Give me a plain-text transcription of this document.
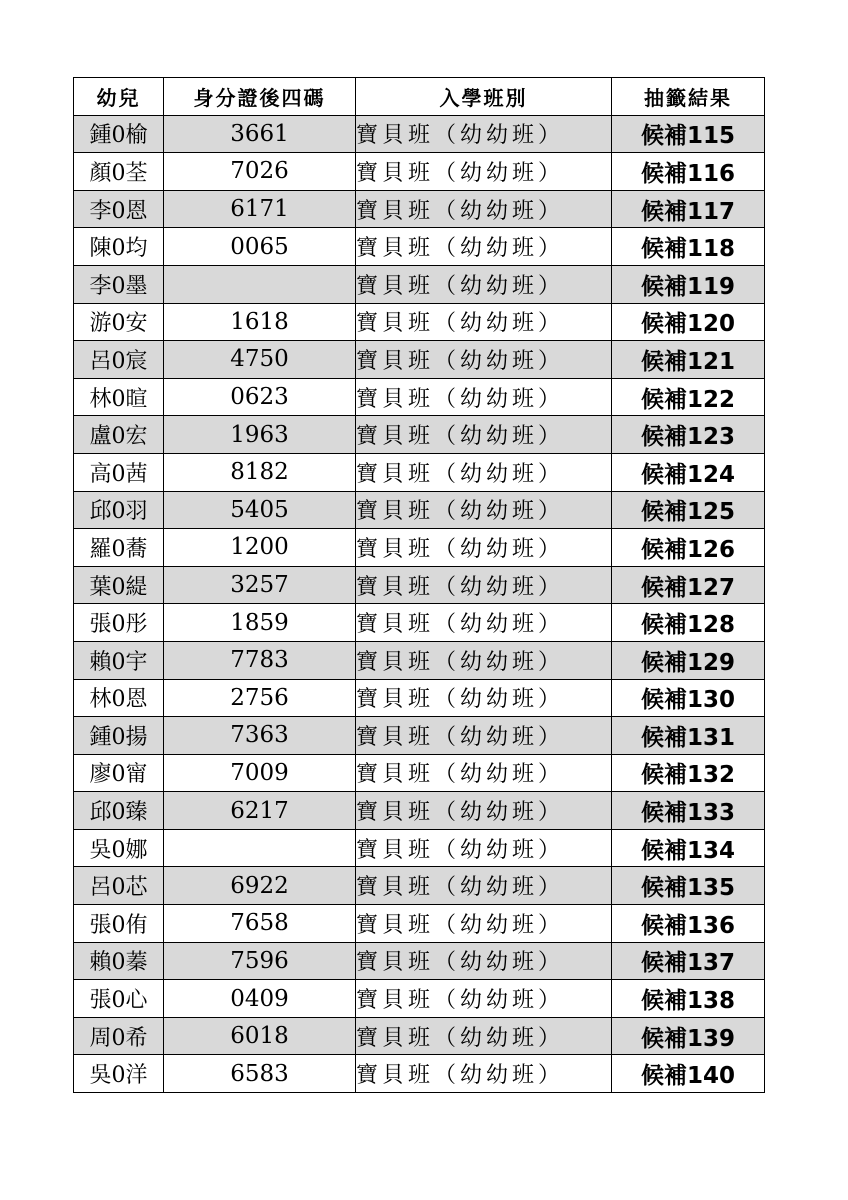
幼兒	身分證後四碼	入學班別	抽籤結果
鍾0榆	3661	寶貝班（幼幼班）	候補115
顏0荃	7026	寶貝班（幼幼班）	候補116
李0恩	6171	寶貝班（幼幼班）	候補117
陳0均	0065	寶貝班（幼幼班）	候補118
李0墨		寶貝班（幼幼班）	候補119
游0安	1618	寶貝班（幼幼班）	候補120
呂0宸	4750	寶貝班（幼幼班）	候補121
林0暄	0623	寶貝班（幼幼班）	候補122
盧0宏	1963	寶貝班（幼幼班）	候補123
高0茜	8182	寶貝班（幼幼班）	候補124
邱0羽	5405	寶貝班（幼幼班）	候補125
羅0蕎	1200	寶貝班（幼幼班）	候補126
葉0緹	3257	寶貝班（幼幼班）	候補127
張0彤	1859	寶貝班（幼幼班）	候補128
賴0宇	7783	寶貝班（幼幼班）	候補129
林0恩	2756	寶貝班（幼幼班）	候補130
鍾0揚	7363	寶貝班（幼幼班）	候補131
廖0甯	7009	寶貝班（幼幼班）	候補132
邱0臻	6217	寶貝班（幼幼班）	候補133
吳0娜		寶貝班（幼幼班）	候補134
呂0芯	6922	寶貝班（幼幼班）	候補135
張0侑	7658	寶貝班（幼幼班）	候補136
賴0蓁	7596	寶貝班（幼幼班）	候補137
張0心	0409	寶貝班（幼幼班）	候補138
周0希	6018	寶貝班（幼幼班）	候補139
吳0洋	6583	寶貝班（幼幼班）	候補140
